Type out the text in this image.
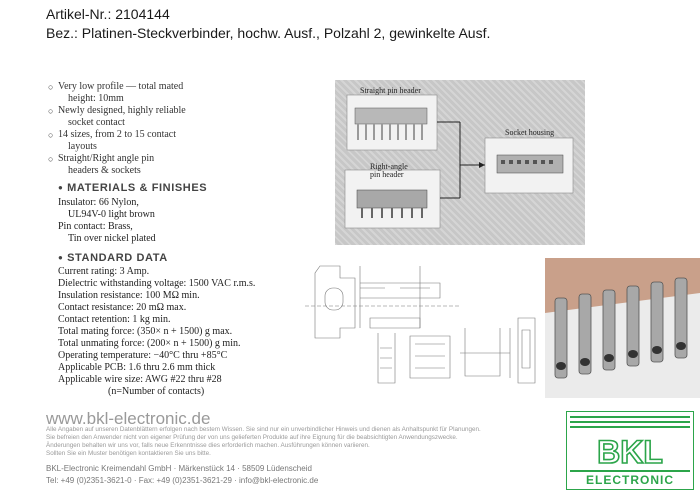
Artikel-Nr.: 2104144
Bez.: Platinen-Steckverbinder, hochw. Ausf., Polzahl 2, gewinkelte Ausf.
○ Very low profile — total mated
height: 10mm
○ Newly designed, highly reliable
socket contact
○ 14 sizes, from 2 to 15 contact
layouts
○ Straight/Right angle pin
headers & sockets
● MATERIALS & FINISHES
Insulator: 66 Nylon,
UL94V-0 light brown
Pin contact: Brass,
Tin over nickel plated
● STANDARD DATA
Current rating: 3 Amp.
Dielectric withstanding voltage: 1500 VAC r.m.s.
Insulation resistance: 100 MΩ min.
Contact resistance: 20 mΩ max.
Contact retention: 1 kg min.
Total mating force: (350× n + 1500) g max.
Total unmating force: (200× n + 1500) g min.
Operating temperature: −40°C thru +85°C
Applicable PCB: 1.6 thru 2.6 mm thick
Applicable wire size: AWG #22 thru #28
(n=Number of contacts)
Straight pin header
Socket housing
Right-angle
pin header
www.bkl-electronic.de
Alle Angaben auf unseren Datenblättern erfolgen nach bestem Wissen. Sie sind nur ein unverbindlicher Hinweis und dienen als Anhaltspunkt für Planungen.
Sie befreien den Anwender nicht von eigener Prüfung der von uns gelieferten Produkte auf ihre Eignung für die beabsichtigten Anwendungszwecke.
Änderungen behalten wir uns vor, falls neue Erkenntnisse dies erforderlich machen. Ausführungen können variieren.
Sollten Sie ein Muster benötigen kontaktieren Sie uns bitte.
BKL-Electronic Kreimendahl GmbH · Märkenstück 14 · 58509 Lüdenscheid
Tel: +49 (0)2351-3621-0 · Fax: +49 (0)2351-3621-29 · info@bkl-electronic.de
BKL
ELECTRONIC
